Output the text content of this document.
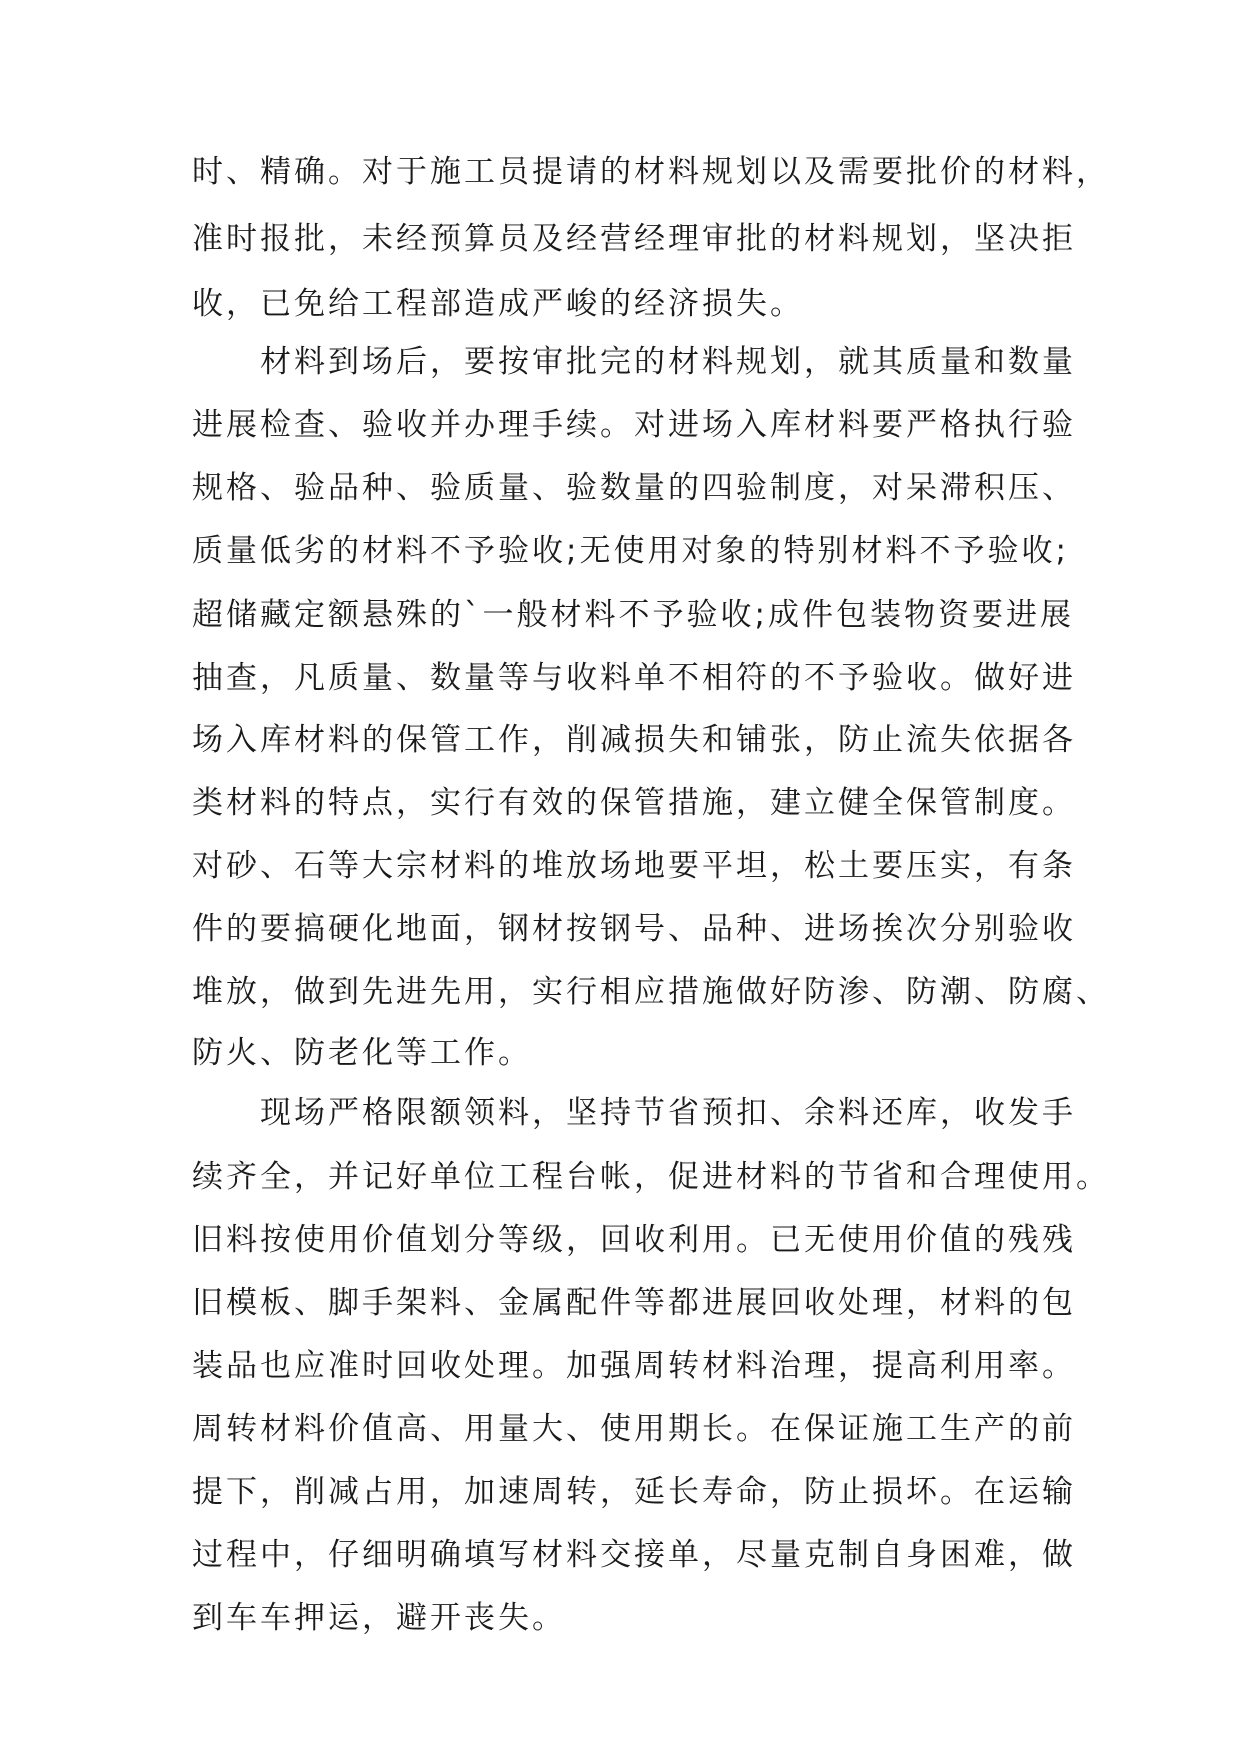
时、精确。对于施工员提请的材料规划以及需要批价的材料，
准时报批，未经预算员及经营经理审批的材料规划，坚决拒
收，已免给工程部造成严峻的经济损失。
　　材料到场后，要按审批完的材料规划，就其质量和数量
进展检查、验收并办理手续。对进场入库材料要严格执行验
规格、验品种、验质量、验数量的四验制度，对呆滞积压、
质量低劣的材料不予验收;无使用对象的特别材料不予验收;
超储藏定额悬殊的`一般材料不予验收;成件包装物资要进展
抽查，凡质量、数量等与收料单不相符的不予验收。做好进
场入库材料的保管工作，削减损失和铺张，防止流失依据各
类材料的特点，实行有效的保管措施，建立健全保管制度。
对砂、石等大宗材料的堆放场地要平坦，松土要压实，有条
件的要搞硬化地面，钢材按钢号、品种、进场挨次分别验收
堆放，做到先进先用，实行相应措施做好防渗、防潮、防腐、
防火、防老化等工作。
　　现场严格限额领料，坚持节省预扣、余料还库，收发手
续齐全，并记好单位工程台帐，促进材料的节省和合理使用。
旧料按使用价值划分等级，回收利用。已无使用价值的残残
旧模板、脚手架料、金属配件等都进展回收处理，材料的包
装品也应准时回收处理。加强周转材料治理，提高利用率。
周转材料价值高、用量大、使用期长。在保证施工生产的前
提下，削减占用，加速周转，延长寿命，防止损坏。在运输
过程中，仔细明确填写材料交接单，尽量克制自身困难，做
到车车押运，避开丧失。
